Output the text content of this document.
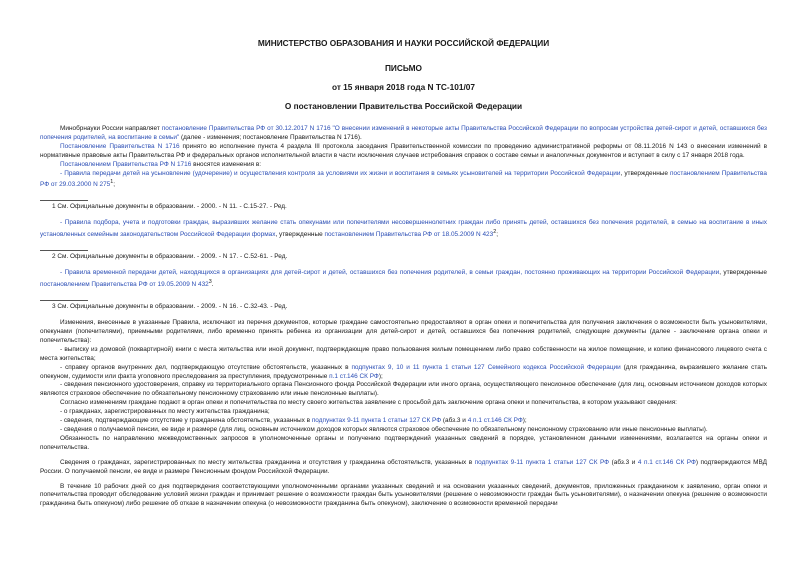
МИНИСТЕРСТВО ОБРАЗОВАНИЯ И НАУКИ РОССИЙСКОЙ ФЕДЕРАЦИИ
ПИСЬМО
от 15 января 2018 года N ТС-101/07
О постановлении Правительства Российской Федерации

Минобрнауки России направляет постановление Правительства РФ от 30.12.2017 N 1716 "О внесении изменений в некоторые акты Правительства Российской Федерации по вопросам устройства детей-сирот и детей, оставшихся без попечения родителей, на воспитание в семьи" (далее - изменения; постановление Правительства N 1716).

Постановление Правительства N 1716 принято во исполнение пункта 4 раздела III протокола заседания Правительственной комиссии по проведению административной реформы от 08.11.2016 N 143 о внесении изменений в нормативные правовые акты Правительства РФ и федеральных органов исполнительной власти в части исключения случаев истребования справок о составе семьи и аналогичных документов и вступает в силу с 17 января 2018 года.

Постановлением Правительства РФ N 1716 вносятся изменения в:

- Правила передачи детей на усыновление (удочерение) и осуществления контроля за условиями их жизни и воспитания в семьях усыновителей на территории Российской Федерации, утвержденные постановлением Правительства РФ от 29.03.2000 N $275^1$;

1 См. Официальные документы в образовании. - 2000. - N 11. - С.15-27. - Ред.

- Правила подбора, учета и подготовки граждан, выразивших желание стать опекунами или попечителями несовершеннолетних граждан либо принять детей, оставшихся без попечения родителей, в семью на воспитание в иных установленных семейным законодательством Российской Федерации формах, утвержденные постановлением Правительства РФ от 18.05.2009 N $423^2$;

2 См. Официальные документы в образовании. - 2009. - N 17. - С.52-61. - Ред.

- Правила временной передачи детей, находящихся в организациях для детей-сирот и детей, оставшихся без попечения родителей, в семьи граждан, постоянно проживающих на территории Российской Федерации, утвержденные постановлением Правительства РФ от 19.05.2009 N $432^3$.

3 См. Официальные документы в образовании. - 2009. - N 16. - С.32-43. - Ред.

Изменения, внесенные в указанные Правила, исключают из перечня документов, которые граждане самостоятельно предоставляют в орган опеки и попечительства для получения заключения о возможности быть усыновителями, опекунами (попечителями), приемными родителями, либо временно принять ребенка из организации для детей-сирот и детей, оставшихся без попечения родителей, следующие документы (далее - заключение органа опеки и попечительства):

- выписку из домовой (поквартирной) книги с места жительства или иной документ, подтверждающие право пользования жилым помещением либо право собственности на жилое помещение, и копию финансового лицевого счета с места жительства;

- справку органов внутренних дел, подтверждающую отсутствие обстоятельств, указанных в подпунктах 9, 10 и 11 пункта 1 статьи 127 Семейного кодекса Российской Федерации (для гражданина, выразившего желание стать опекуном, судимости или факта уголовного преследования за преступления, предусмотренные п.1 ст.146 СК РФ);

- сведения пенсионного удостоверения, справку из территориального органа Пенсионного фонда Российской Федерации или иного органа, осуществляющего пенсионное обеспечение (для лиц, основным источником доходов которых являются страховое обеспечение по обязательному пенсионному страхованию или иные пенсионные выплаты).

Согласно изменениям граждане подают в орган опеки и попечительства по месту своего жительства заявление с просьбой дать заключение органа опеки и попечительства, в котором указывают сведения:

- о гражданах, зарегистрированных по месту жительства гражданина;

- сведения, подтверждающие отсутствие у гражданина обстоятельств, указанных в подпунктах 9-11 пункта 1 статьи 127 СК РФ (абз.3 и 4 п.1 ст.146 СК РФ);

- сведения о получаемой пенсии, ее виде и размере (для лиц, основным источником доходов которых являются страховое обеспечение по обязательному пенсионному страхованию или иные пенсионные выплаты).

Обязанность по направлению межведомственных запросов в уполномоченные органы и получению подтверждений указанных сведений в порядке, установленном данными изменениями, возлагается на органы опеки и попечительства.

Сведения о гражданах, зарегистрированных по месту жительства гражданина и отсутствия у гражданина обстоятельств, указанных в подпунктах 9-11 пункта 1 статьи 127 СК РФ (абз.3 и 4 п.1 ст.146 СК РФ) подтверждаются МВД России. О получаемой пенсии, ее виде и размере Пенсионным фондом Российской Федерации.

В течение 10 рабочих дней со дня подтверждения соответствующими уполномоченными органами указанных сведений и на основании указанных сведений, документов, приложенных гражданином к заявлению, орган опеки и попечительства проводит обследование условий жизни граждан и принимает решение о возможности граждан быть усыновителями (решение о невозможности граждан быть усыновителями), о назначении опекуна (решение о возможности гражданина быть опекуном) либо решение об отказе в назначении опекуна (о невозможности гражданина быть опекуном), заключение о возможности временной передачи
